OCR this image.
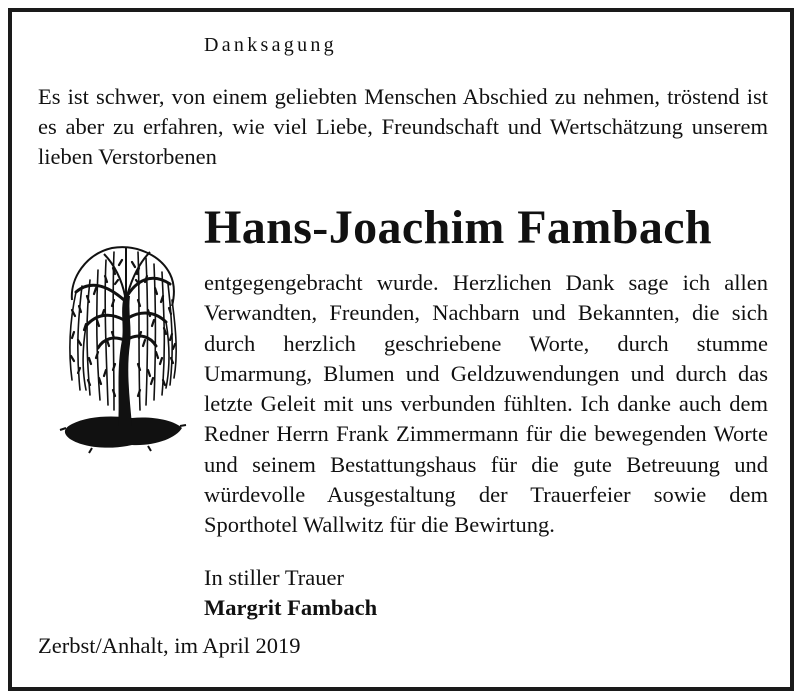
Danksagung
Es ist schwer, von einem geliebten Menschen Abschied zu nehmen, tröstend ist es aber zu erfahren, wie viel Liebe, Freundschaft und Wertschätzung unserem lieben Verstorbenen
Hans-Joachim Fambach
entgegengebracht wurde. Herzlichen Dank sage ich allen Verwandten, Freunden, Nachbarn und Bekannten, die sich durch herzlich geschriebene Worte, durch stumme Umarmung, Blumen und Geldzuwendungen und durch das letzte Geleit mit uns verbunden fühlten. Ich danke auch dem Redner Herrn Frank Zimmermann für die bewegenden Worte und seinem Bestattungshaus für die gute Betreuung und würdevolle Ausgestaltung der Trauerfeier sowie dem Sporthotel Wallwitz für die Bewirtung.
In stiller Trauer
Margrit Fambach
Zerbst/Anhalt, im April 2019
